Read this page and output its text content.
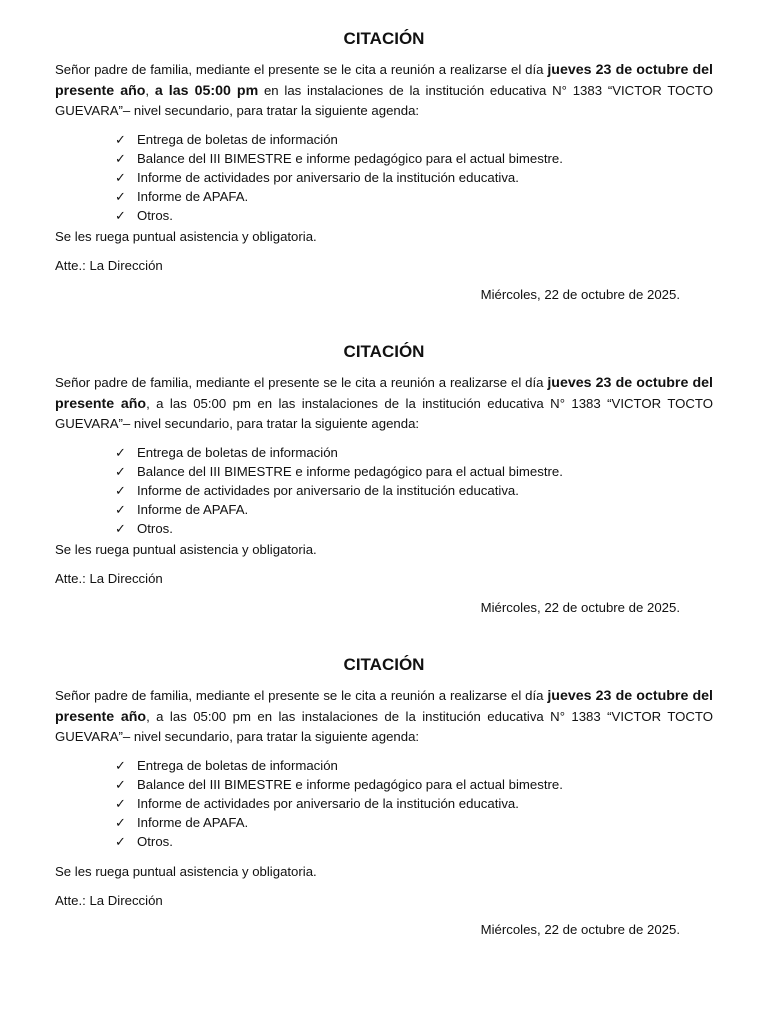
CITACIÓN

Señor padre de familia, mediante el presente se le cita a reunión a realizarse el día jueves 23 de octubre del presente año, a las 05:00 pm en las instalaciones de la institución educativa N° 1383 “VICTOR TOCTO GUEVARA”– nivel secundario, para tratar la siguiente agenda:

✓ Entrega de boletas de información
✓ Balance del III BIMESTRE e informe pedagógico para el actual bimestre.
✓ Informe de actividades por aniversario de la institución educativa.
✓ Informe de APAFA.
✓ Otros.

Se les ruega puntual asistencia y obligatoria.

Atte.: La Dirección

Miércoles, 22 de octubre de 2025.

CITACIÓN

Señor padre de familia, mediante el presente se le cita a reunión a realizarse el día jueves 23 de octubre del presente año, a las 05:00 pm en las instalaciones de la institución educativa N° 1383 “VICTOR TOCTO GUEVARA”– nivel secundario, para tratar la siguiente agenda:

✓ Entrega de boletas de información
✓ Balance del III BIMESTRE e informe pedagógico para el actual bimestre.
✓ Informe de actividades por aniversario de la institución educativa.
✓ Informe de APAFA.
✓ Otros.

Se les ruega puntual asistencia y obligatoria.

Atte.: La Dirección

Miércoles, 22 de octubre de 2025.

CITACIÓN

Señor padre de familia, mediante el presente se le cita a reunión a realizarse el día jueves 23 de octubre del presente año, a las 05:00 pm en las instalaciones de la institución educativa N° 1383 “VICTOR TOCTO GUEVARA”– nivel secundario, para tratar la siguiente agenda:

✓ Entrega de boletas de información
✓ Balance del III BIMESTRE e informe pedagógico para el actual bimestre.
✓ Informe de actividades por aniversario de la institución educativa.
✓ Informe de APAFA.
✓ Otros.

Se les ruega puntual asistencia y obligatoria.

Atte.: La Dirección

Miércoles, 22 de octubre de 2025.
